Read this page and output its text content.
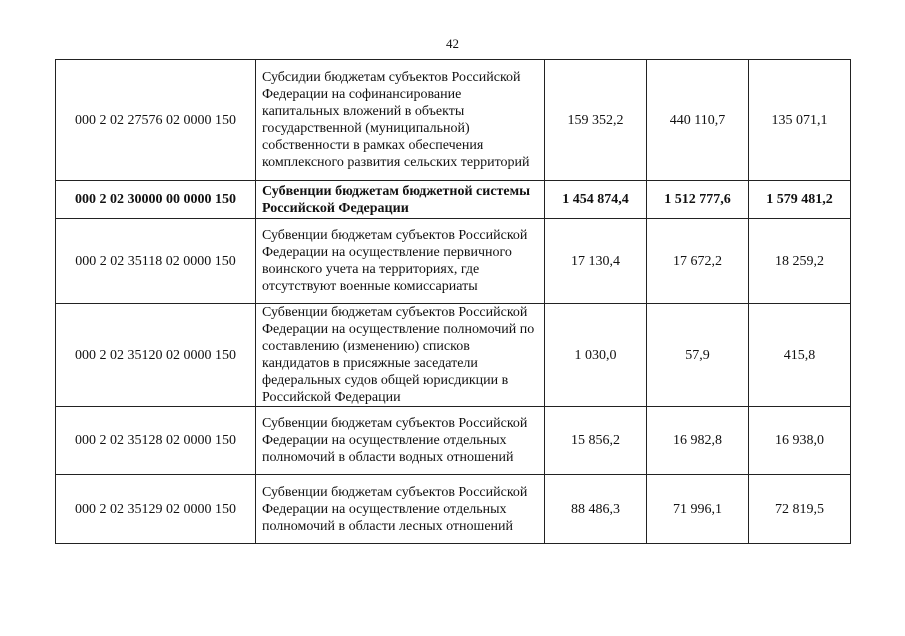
42
000 2 02 27576 02 0000 150	Субсидии бюджетам субъектов Российской Федерации на софинансирование капитальных вложений в объекты государственной (муниципальной) собственности в рамках обеспечения комплексного развития сельских территорий	159 352,2	440 110,7	135 071,1
000 2 02 30000 00 0000 150	Субвенции бюджетам бюджетной системы Российской Федерации	1 454 874,4	1 512 777,6	1 579 481,2
000 2 02 35118 02 0000 150	Субвенции бюджетам субъектов Российской Федерации на осуществление первичного воинского учета на территориях, где отсутствуют военные комиссариаты	17 130,4	17 672,2	18 259,2
000 2 02 35120 02 0000 150	Субвенции бюджетам субъектов Российской Федерации на осуществление полномочий по составлению (изменению) списков кандидатов в присяжные заседатели федеральных судов общей юрисдикции в Российской Федерации	1 030,0	57,9	415,8
000 2 02 35128 02 0000 150	Субвенции бюджетам субъектов Российской Федерации на осуществление отдельных полномочий в области водных отношений	15 856,2	16 982,8	16 938,0
000 2 02 35129 02 0000 150	Субвенции бюджетам субъектов Российской Федерации на осуществление отдельных полномочий в области лесных отношений	88 486,3	71 996,1	72 819,5
